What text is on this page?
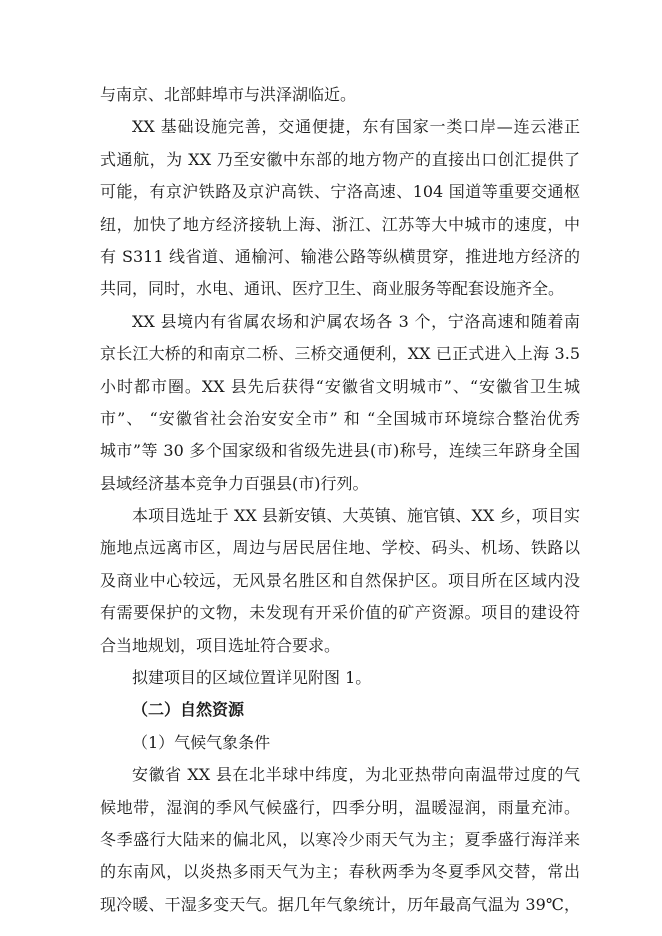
与南京、北部蚌埠市与洪泽湖临近。
XX 基础设施完善，交通便捷，东有国家一类口岸—连云港正
式通航，为 XX 乃至安徽中东部的地方物产的直接出口创汇提供了
可能，有京沪铁路及京沪高铁、宁洛高速、104 国道等重要交通枢
纽，加快了地方经济接轨上海、浙江、江苏等大中城市的速度，中
有 S311 线省道、通榆河、输港公路等纵横贯穿，推进地方经济的
共同，同时，水电、通讯、医疗卫生、商业服务等配套设施齐全。
XX 县境内有省属农场和沪属农场各 3 个，宁洛高速和随着南
京长江大桥的和南京二桥、三桥交通便利，XX 已正式进入上海 3.5
小时都市圈。XX 县先后获得“安徽省文明城市”、“安徽省卫生城
市”、 “安徽省社会治安安全市” 和 “全国城市环境综合整治优秀
城市”等 30 多个国家级和省级先进县(市)称号，连续三年跻身全国
县域经济基本竞争力百强县(市)行列。
本项目选址于 XX 县新安镇、大英镇、施官镇、XX 乡，项目实
施地点远离市区，周边与居民居住地、学校、码头、机场、铁路以
及商业中心较远，无风景名胜区和自然保护区。项目所在区域内没
有需要保护的文物，未发现有开采价值的矿产资源。项目的建设符
合当地规划，项目选址符合要求。
拟建项目的区域位置详见附图 1。
（二）自然资源
（1）气候气象条件
安徽省 XX 县在北半球中纬度，为北亚热带向南温带过度的气
候地带，湿润的季风气候盛行，四季分明，温暖湿润，雨量充沛。
冬季盛行大陆来的偏北风，以寒冷少雨天气为主；夏季盛行海洋来
的东南风，以炎热多雨天气为主；春秋两季为冬夏季风交替，常出
现冷暖、干湿多变天气。据几年气象统计，历年最高气温为 39℃，
